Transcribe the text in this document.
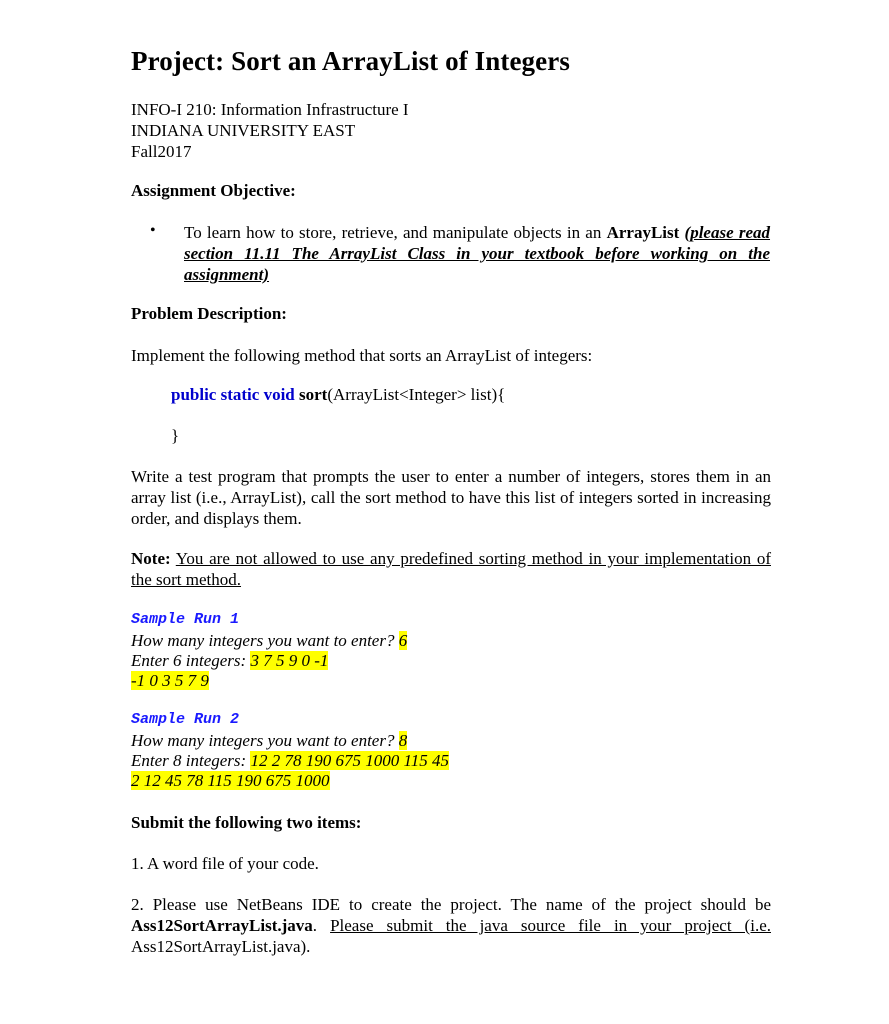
Project: Sort an ArrayList of Integers
INFO-I 210: Information Infrastructure I
INDIANA UNIVERSITY EAST
Fall2017
Assignment Objective:
• To learn how to store, retrieve, and manipulate objects in an ArrayList (please read section 11.11 The ArrayList Class in your textbook before working on the assignment)
Problem Description:
Implement the following method that sorts an ArrayList of integers:
public static void sort(ArrayList<Integer> list){
}
Write a test program that prompts the user to enter a number of integers, stores them in an array list (i.e., ArrayList), call the sort method to have this list of integers sorted in increasing order, and displays them.
Note: You are not allowed to use any predefined sorting method in your implementation of the sort method.
Sample Run 1
How many integers you want to enter? 6
Enter 6 integers: 3 7 5 9 0 -1
-1 0 3 5 7 9
Sample Run 2
How many integers you want to enter? 8
Enter 8 integers: 12 2 78 190 675 1000 115 45
2 12 45 78 115 190 675 1000
Submit the following two items:
1. A word file of your code.
2. Please use NetBeans IDE to create the project. The name of the project should be Ass12SortArrayList.java. Please submit the java source file in your project (i.e. Ass12SortArrayList.java).
